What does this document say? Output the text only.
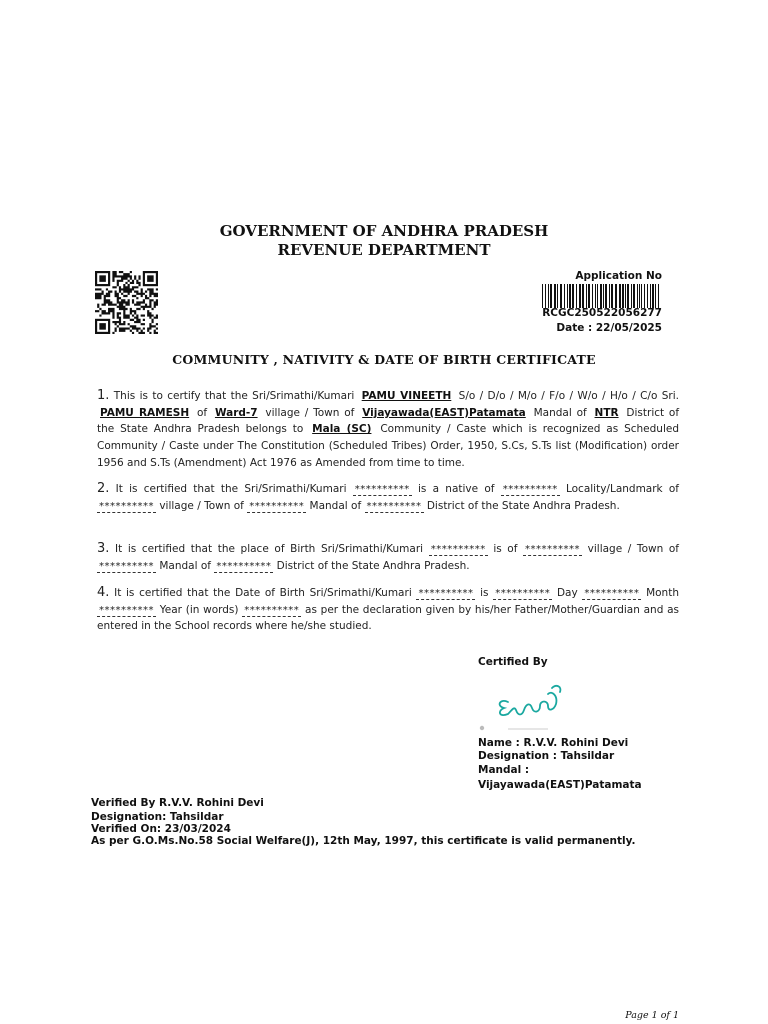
GOVERNMENT OF ANDHRA PRADESH
REVENUE DEPARTMENT
Application No
RCGC250522056277
Date : 22/05/2025
COMMUNITY , NATIVITY & DATE OF BIRTH CERTIFICATE
1. This is to certify that the Sri/Srimathi/Kumari PAMU VINEETH S/o / D/o / M/o / F/o / W/o / H/o / C/o Sri. PAMU RAMESH of Ward-7 village / Town of Vijayawada(EAST)Patamata Mandal of NTR District of the State Andhra Pradesh belongs to Mala (SC) Community / Caste which is recognized as Scheduled Community / Caste under The Constitution (Scheduled Tribes) Order, 1950, S.Cs, S.Ts list (Modification) order 1956 and S.Ts (Amendment) Act 1976 as Amended from time to time.
2. It is certified that the Sri/Srimathi/Kumari ********** is a native of ********** Locality/Landmark of ********** village / Town of ********** Mandal of ********** District of the State Andhra Pradesh.
3. It is certified that the place of Birth Sri/Srimathi/Kumari ********** is of ********** village / Town of ********** Mandal of ********** District of the State Andhra Pradesh.
4. It is certified that the Date of Birth Sri/Srimathi/Kumari ********** is ********** Day ********** Month ********** Year (in words) ********** as per the declaration given by his/her Father/Mother/Guardian and as entered in the School records where he/she studied.
Certified By
Name : R.V.V. Rohini Devi
Designation : Tahsildar
Mandal :
Vijayawada(EAST)Patamata
Verified By R.V.V. Rohini Devi
Designation: Tahsildar
Verified On: 23/03/2024
As per G.O.Ms.No.58 Social Welfare(J), 12th May, 1997, this certificate is valid permanently.
Page 1 of 1
